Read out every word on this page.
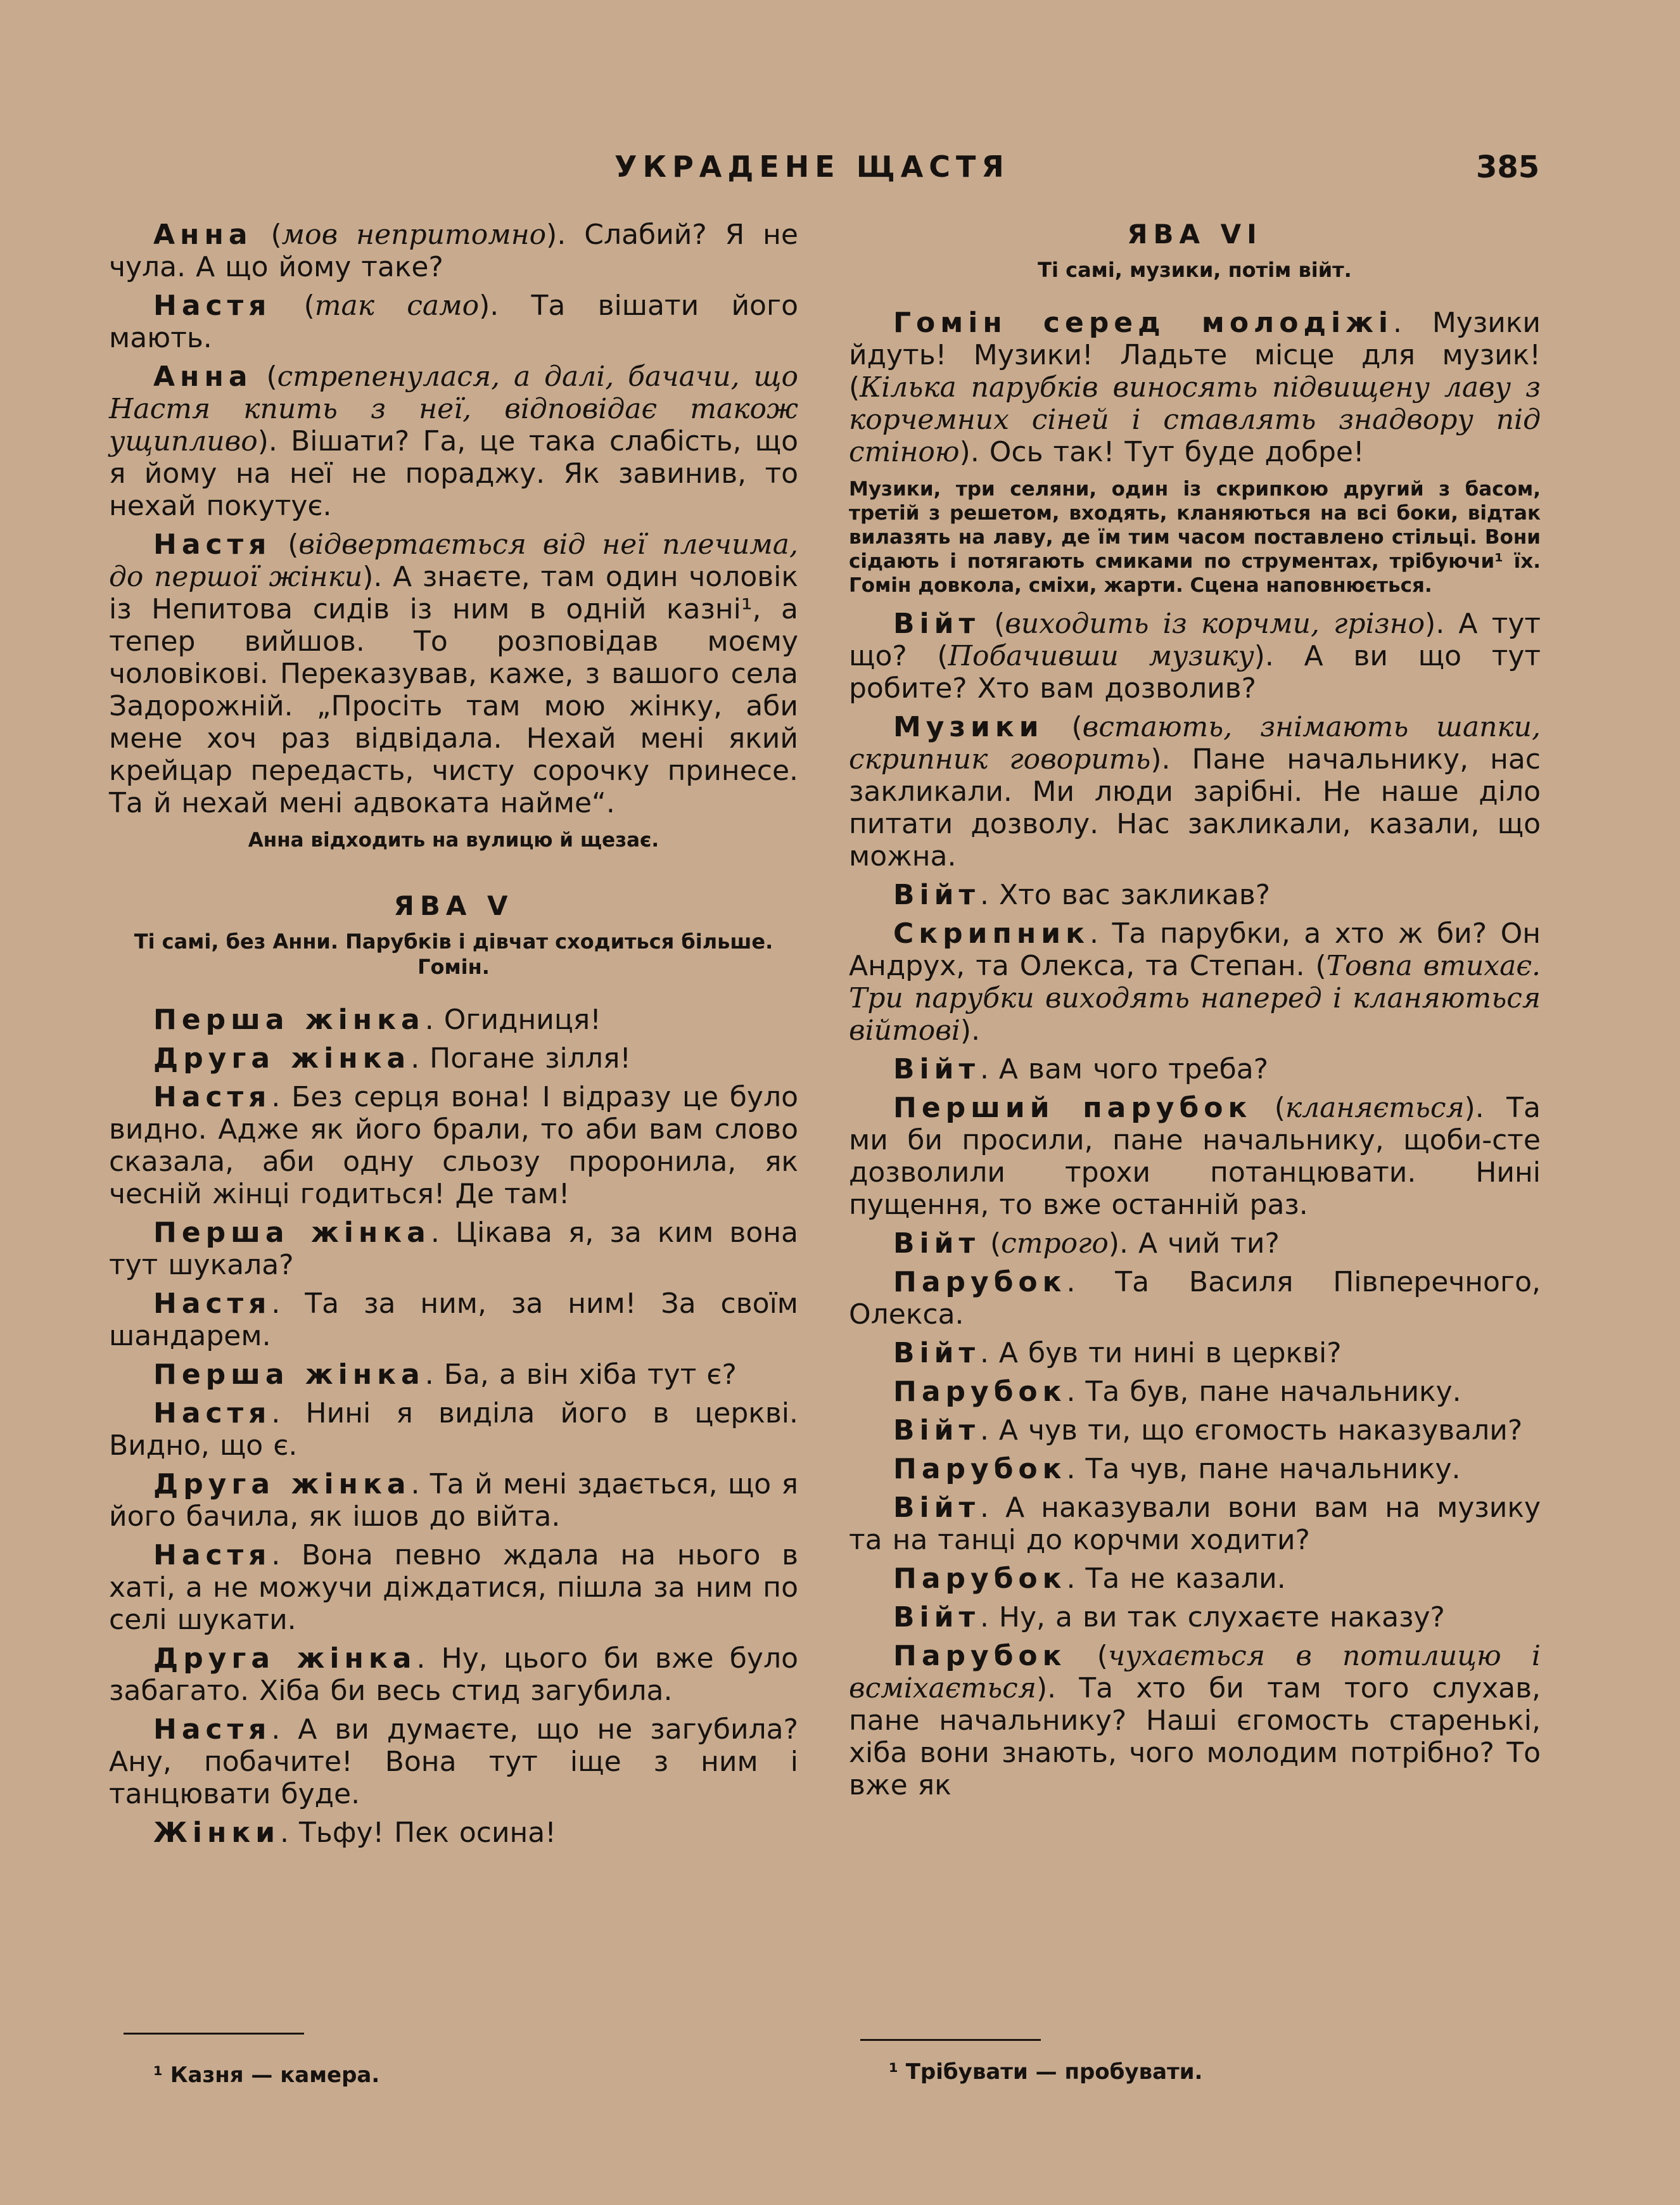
УКРАДЕНЕ ЩАСТЯ	385

Анна (мов непритомно). Слабий? Я не чула. А що йому таке?

Настя (так само). Та вішати його мають.

Анна (стрепенулася, а далі, бачачи, що Настя кпить з неї, відповідає також ущипливо). Вішати? Га, це така слабість, що я йому на неї не пораджу. Як завинив, то нехай покутує.

Настя (відвертається від неї плечима, до першої жінки). А знаєте, там один чоловік із Непитова сидів із ним в одній казні¹, а тепер вийшов. То розповідав моєму чоловікові. Переказував, каже, з вашого села Задорожній. „Просіть там мою жінку, аби мене хоч раз відвідала. Нехай мені який крейцар передасть, чисту сорочку принесе. Та й нехай мені адвоката найме“.

Анна відходить на вулицю й щезає.
ЯВА V
Ті самі, без Анни. Парубків і дівчат сходиться більше. Гомін.

Перша жінка. Огидниця!

Друга жінка. Погане зілля!

Настя. Без серця вона! І відразу це було видно. Адже як його брали, то аби вам слово сказала, аби одну сльозу проронила, як чесній жінці годиться! Де там!

Перша жінка. Цікава я, за ким вона тут шукала?

Настя. Та за ним, за ним! За своїм шандарем.

Перша жінка. Ба, а він хіба тут є?

Настя. Нині я виділа його в церкві. Видно, що є.

Друга жінка. Та й мені здається, що я його бачила, як ішов до війта.

Настя. Вона певно ждала на нього в хаті, а не можучи діждатися, пішла за ним по селі шукати.

Друга жінка. Ну, цього би вже було забагато. Хіба би весь стид загубила.

Настя. А ви думаєте, що не загубила? Ану, побачите! Вона тут іще з ним і танцювати буде.

Жінки. Тьфу! Пек осина!

ЯВА VI
Ті самі, музики, потім війт.

Гомін серед молодіжі. Музики йдуть! Музики! Ладьте місце для музик! (Кілька парубків виносять підвищену лаву з корчемних сіней і ставлять знадвору під стіною). Ось так! Тут буде добре!

Музики, три селяни, один із скрипкою другий з басом, третій з решетом, входять, кланяються на всі боки, відтак вилазять на лаву, де їм тим часом поставлено стільці. Вони сідають і потягають смиками по струментах, трібуючи¹ їх. Гомін довкола, сміхи, жарти. Сцена наповнюється.

Війт (виходить із корчми, грізно). А тут що? (Побачивши музику). А ви що тут робите? Хто вам дозволив?

Музики (встають, знімають шапки, скрипник говорить). Пане начальнику, нас закликали. Ми люди зарібні. Не наше діло питати дозволу. Нас закликали, казали, що можна.

Війт. Хто вас закликав?

Скрипник. Та парубки, а хто ж би? Он Андрух, та Олекса, та Степан. (Товпа втихає. Три парубки виходять наперед і кланяються війтові).

Війт. А вам чого треба?

Перший парубок (кланяється). Та ми би просили, пане начальнику, щоби-сте дозволили трохи потанцювати. Нині пущення, то вже останній раз.

Війт (строго). А чий ти?

Парубок. Та Василя Півперечного, Олекса.

Війт. А був ти нині в церкві?

Парубок. Та був, пане начальнику.

Війт. А чув ти, що єгомость наказували?

Парубок. Та чув, пане начальнику.

Війт. А наказували вони вам на музику та на танці до корчми ходити?

Парубок. Та не казали.

Війт. Ну, а ви так слухаєте наказу?

Парубок (чухається в потилицю і всміхається). Та хто би там того слухав, пане начальнику? Наші єгомость старенькі, хіба вони знають, чого молодим потрібно? То вже як

¹ Казня — камера.	¹ Трібувати — пробувати.
